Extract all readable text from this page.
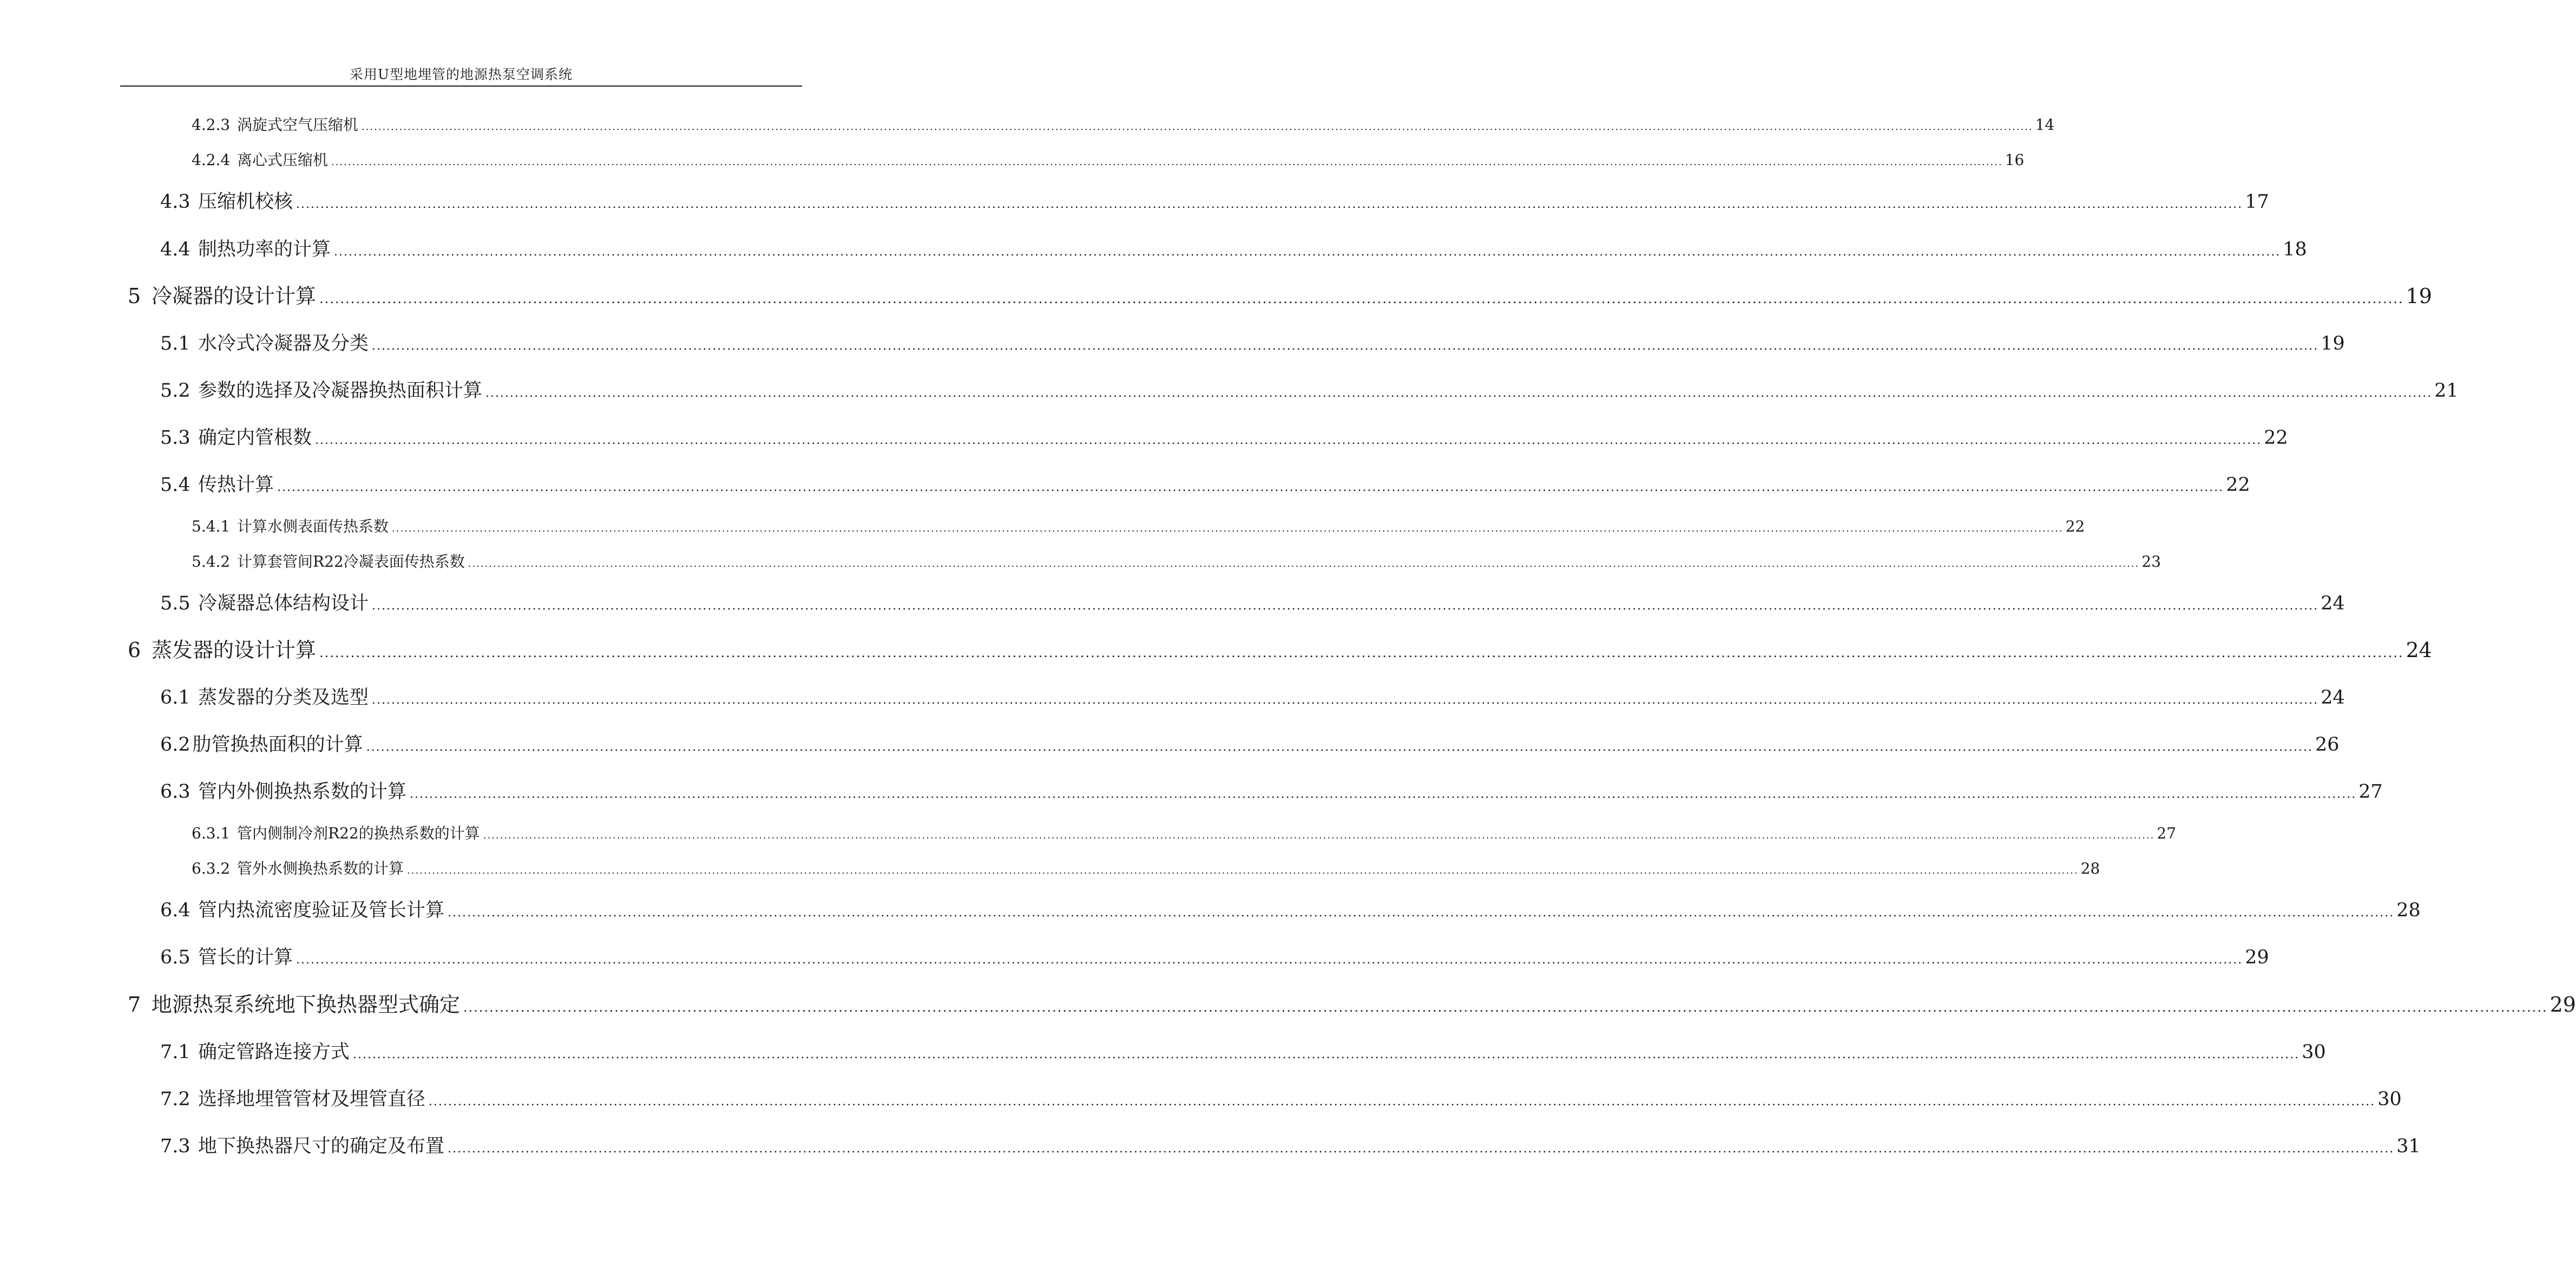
采用U型地埋管的地源热泵空调系统
4.2.3 涡旋式空气压缩机 ................................................................................................................................................................................................................................................................................................................................................................................................................ 14
4.2.4 离心式压缩机 ................................................................................................................................................................................................................................................................................................................................................................................................................ 16
4.3 压缩机校核 ................................................................................................................................................................................................................................................................................................................................................................................................................ 17
4.4 制热功率的计算 ................................................................................................................................................................................................................................................................................................................................................................................................................ 18
5 冷凝器的设计计算 ................................................................................................................................................................................................................................................................................................................................................................................................................ 19
5.1 水冷式冷凝器及分类 ................................................................................................................................................................................................................................................................................................................................................................................................................ 19
5.2 参数的选择及冷凝器换热面积计算 ................................................................................................................................................................................................................................................................................................................................................................................................................ 21
5.3 确定内管根数 ................................................................................................................................................................................................................................................................................................................................................................................................................ 22
5.4 传热计算 ................................................................................................................................................................................................................................................................................................................................................................................................................ 22
5.4.1 计算水侧表面传热系数 ................................................................................................................................................................................................................................................................................................................................................................................................................ 22
5.4.2 计算套管间R22冷凝表面传热系数 ................................................................................................................................................................................................................................................................................................................................................................................................................ 23
5.5 冷凝器总体结构设计 ................................................................................................................................................................................................................................................................................................................................................................................................................ 24
6 蒸发器的设计计算 ................................................................................................................................................................................................................................................................................................................................................................................................................ 24
6.1 蒸发器的分类及选型 ................................................................................................................................................................................................................................................................................................................................................................................................................ 24
6.2 肋管换热面积的计算 ................................................................................................................................................................................................................................................................................................................................................................................................................ 26
6.3 管内外侧换热系数的计算 ................................................................................................................................................................................................................................................................................................................................................................................................................ 27
6.3.1 管内侧制冷剂R22的换热系数的计算 ................................................................................................................................................................................................................................................................................................................................................................................................................ 27
6.3.2 管外水侧换热系数的计算 ................................................................................................................................................................................................................................................................................................................................................................................................................ 28
6.4 管内热流密度验证及管长计算 ................................................................................................................................................................................................................................................................................................................................................................................................................ 28
6.5 管长的计算 ................................................................................................................................................................................................................................................................................................................................................................................................................ 29
7 地源热泵系统地下换热器型式确定 ................................................................................................................................................................................................................................................................................................................................................................................................................ 29
7.1 确定管路连接方式 ................................................................................................................................................................................................................................................................................................................................................................................................................ 30
7.2 选择地埋管管材及埋管直径 ................................................................................................................................................................................................................................................................................................................................................................................................................ 30
7.3 地下换热器尺寸的确定及布置 ................................................................................................................................................................................................................................................................................................................................................................................................................ 31
